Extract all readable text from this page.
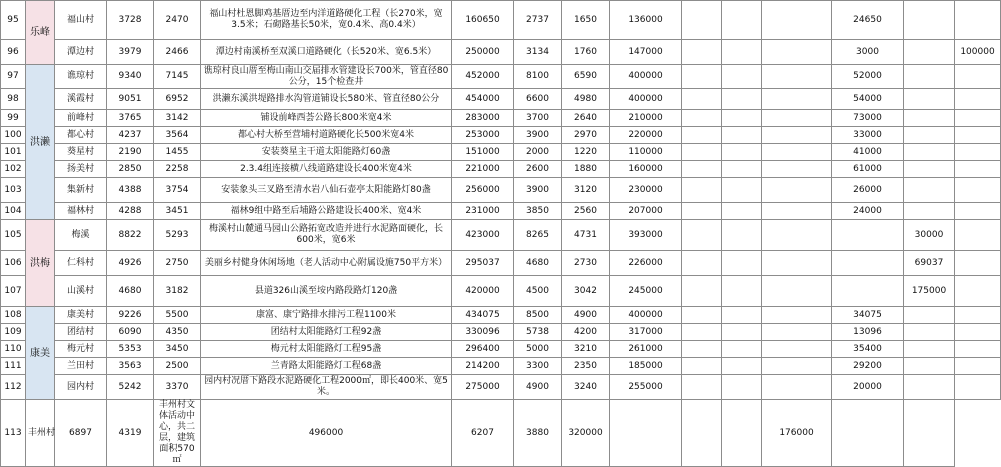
95	乐峰	福山村	3728	2470	福山村杜恩脚鸡基厝边至内洋道路硬化工程（长270米，宽3.5米；石砌路基长50米，宽0.4米、高0.4米）	160650	2737	1650	136000				24650		
96		潭边村	3979	2466	潭边村南溪桥至双溪口道路硬化（长520米、宽6.5米）	250000	3134	1760	147000				3000		100000
97	洪濑	谯琼村	9340	7145	谯琼村良山厝至梅山南山交届排水管建设长700米，管直径80公分，15个检查井	452000	8100	6590	400000				52000		
98		溪霞村	9051	6952	洪濑东溪洪堤路排水沟管道铺设长580米、管直径80公分	454000	6600	4980	400000				54000		
99		前峰村	3765	3142	铺设前峰西荟公路长800米宽4米	283000	3700	2640	210000				73000		
100		都心村	4237	3564	都心村大桥至营埔村道路硬化长500米宽4米	253000	3900	2970	220000				33000		
101		葵星村	2190	1455	安装葵星主干道太阳能路灯60盏	151000	2000	1220	110000				41000		
102		扬美村	2850	2258	2.3.4组连接横八线道路建设长400米宽4米	221000	2600	1880	160000				61000		
103		集新村	4388	3754	安装象头三叉路至清水岩八仙石壶亭太阳能路灯80盏	256000	3900	3120	230000				26000		
104		福林村	4288	3451	福林9组中路至后埔路公路建设长400米、宽4米	231000	3850	2560	207000				24000		
105	洪梅	梅溪	8822	5293	梅溪村山麓通马园山公路拓宽改造并进行水泥路面硬化，长600米，宽6米	423000	8265	4731	393000					30000	
106		仁科村	4926	2750	美丽乡村健身休闲场地（老人活动中心附属设施750平方米）	295037	4680	2730	226000					69037	
107		山溪村	4680	3182	县道326山溪至垵内路段路灯120盏	420000	4500	3042	245000					175000	
108	康美	康美村	9226	5500	康富、康宁路排水排污工程1100米	434075	8500	4900	400000				34075		
109		团结村	6090	4350	团结村太阳能路灯工程92盏	330096	5738	4200	317000				13096		
110		梅元村	5353	3450	梅元村太阳能路灯工程95盏	296400	5000	3210	261000				35400		
111		兰田村	3563	2500	兰青路太阳能路灯工程68盏	214200	3300	2350	185000				29200		
112		园内村	5242	3370	园内村况厝下路段水泥路硬化工程2000㎡，即长400米、宽5米。	275000	4900	3240	255000				20000		
113	丰州村	6897	4319	丰州村文体活动中心，共二层，建筑面积570㎡	496000	6207	3880	320000				176000			
